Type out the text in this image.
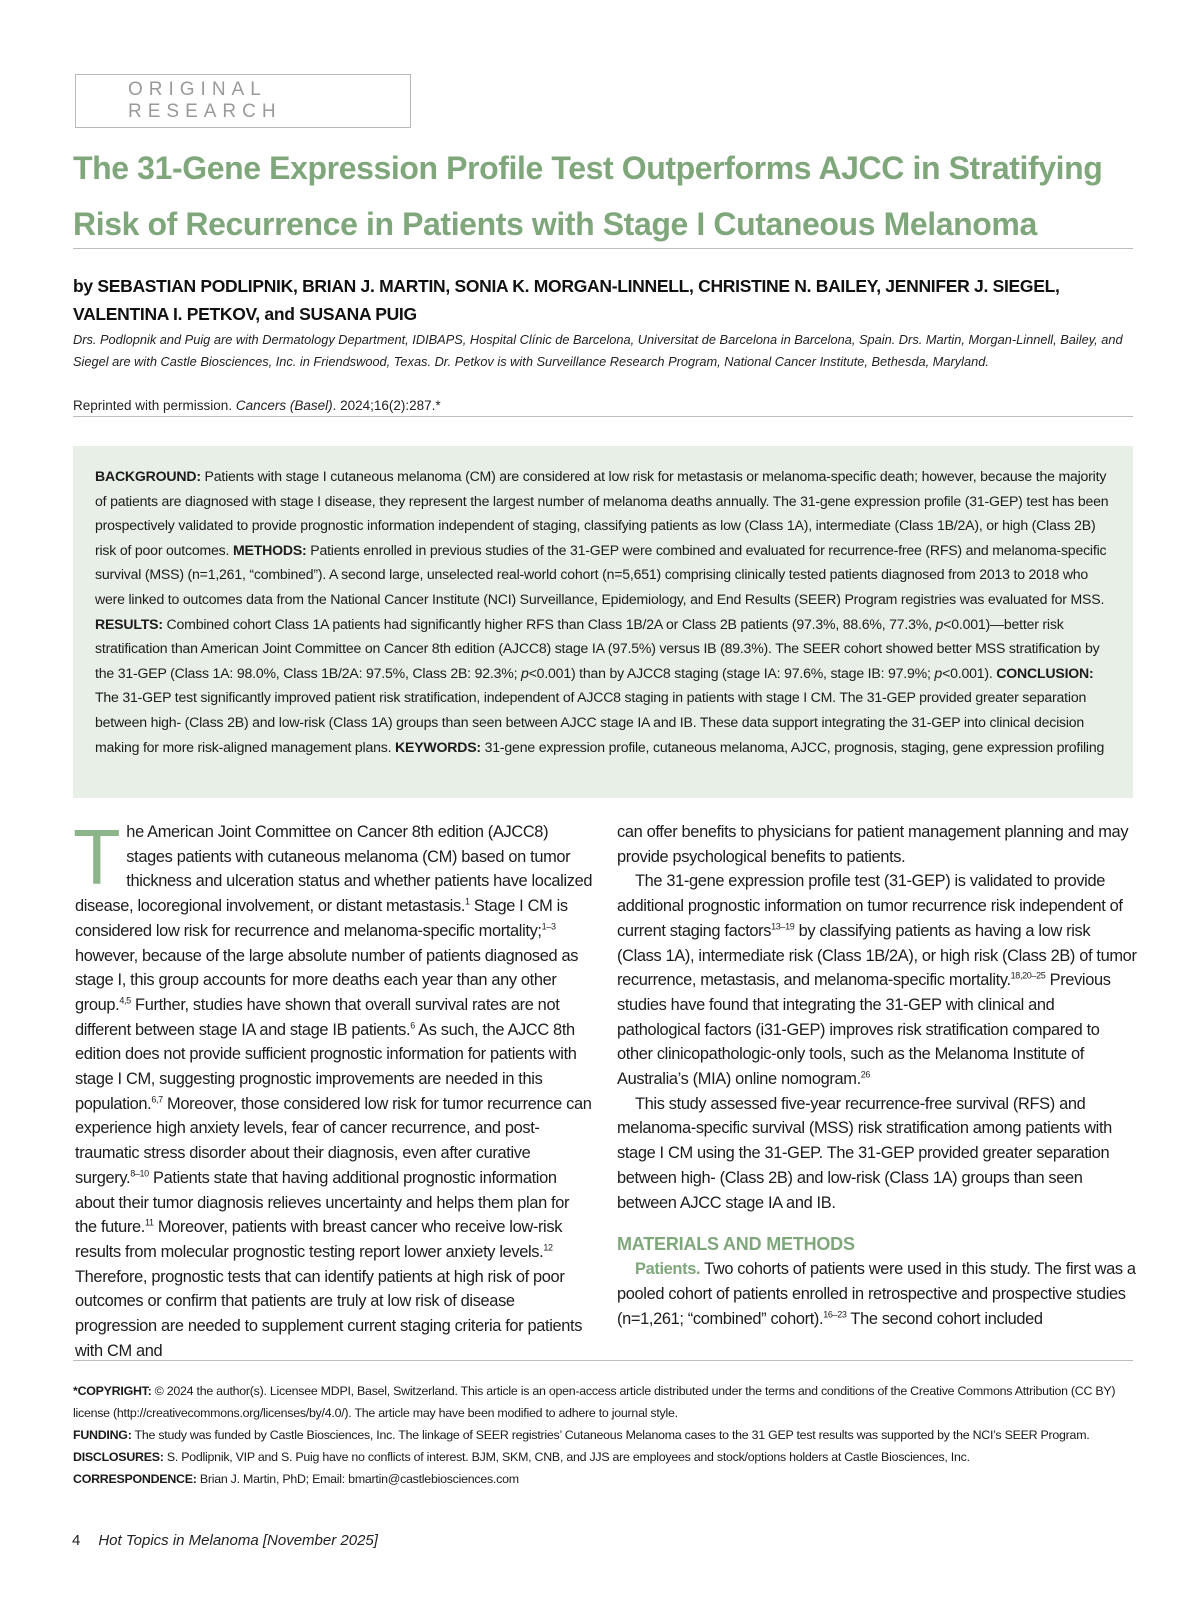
ORIGINAL RESEARCH
The 31-Gene Expression Profile Test Outperforms AJCC in Stratifying Risk of Recurrence in Patients with Stage I Cutaneous Melanoma
by SEBASTIAN PODLIPNIK, BRIAN J. MARTIN, SONIA K. MORGAN-LINNELL, CHRISTINE N. BAILEY, JENNIFER J. SIEGEL, VALENTINA I. PETKOV, and SUSANA PUIG
Drs. Podlopnik and Puig are with Dermatology Department, IDIBAPS, Hospital Clínic de Barcelona, Universitat de Barcelona in Barcelona, Spain. Drs. Martin, Morgan-Linnell, Bailey, and Siegel are with Castle Biosciences, Inc. in Friendswood, Texas. Dr. Petkov is with Surveillance Research Program, National Cancer Institute, Bethesda, Maryland.
Reprinted with permission. Cancers (Basel). 2024;16(2):287.*
BACKGROUND: Patients with stage I cutaneous melanoma (CM) are considered at low risk for metastasis or melanoma-specific death; however, because the majority of patients are diagnosed with stage I disease, they represent the largest number of melanoma deaths annually. The 31-gene expression profile (31-GEP) test has been prospectively validated to provide prognostic information independent of staging, classifying patients as low (Class 1A), intermediate (Class 1B/2A), or high (Class 2B) risk of poor outcomes. METHODS: Patients enrolled in previous studies of the 31-GEP were combined and evaluated for recurrence-free (RFS) and melanoma-specific survival (MSS) (n=1,261, “combined”). A second large, unselected real-world cohort (n=5,651) comprising clinically tested patients diagnosed from 2013 to 2018 who were linked to outcomes data from the National Cancer Institute (NCI) Surveillance, Epidemiology, and End Results (SEER) Program registries was evaluated for MSS. RESULTS: Combined cohort Class 1A patients had significantly higher RFS than Class 1B/2A or Class 2B patients (97.3%, 88.6%, 77.3%, p<0.001)—better risk stratification than American Joint Committee on Cancer 8th edition (AJCC8) stage IA (97.5%) versus IB (89.3%). The SEER cohort showed better MSS stratification by the 31-GEP (Class 1A: 98.0%, Class 1B/2A: 97.5%, Class 2B: 92.3%; p<0.001) than by AJCC8 staging (stage IA: 97.6%, stage IB: 97.9%; p<0.001). CONCLUSION: The 31-GEP test significantly improved patient risk stratification, independent of AJCC8 staging in patients with stage I CM. The 31-GEP provided greater separation between high- (Class 2B) and low-risk (Class 1A) groups than seen between AJCC stage IA and IB. These data support integrating the 31-GEP into clinical decision making for more risk-aligned management plans. KEYWORDS: 31-gene expression profile, cutaneous melanoma, AJCC, prognosis, staging, gene expression profiling

The American Joint Committee on Cancer 8th edition (AJCC8) stages patients with cutaneous melanoma (CM) based on tumor thickness and ulceration status and whether patients have localized disease, locoregional involvement, or distant metastasis.$^1$ Stage I CM is considered low risk for recurrence and melanoma-specific mortality;$^{1-3}$ however, because of the large absolute number of patients diagnosed as stage I, this group accounts for more deaths each year than any other group.$^{4,5}$ Further, studies have shown that overall survival rates are not different between stage IA and stage IB patients.$^6$ As such, the AJCC 8th edition does not provide sufficient prognostic information for patients with stage I CM, suggesting prognostic improvements are needed in this population.$^{6,7}$ Moreover, those considered low risk for tumor recurrence can experience high anxiety levels, fear of cancer recurrence, and post-traumatic stress disorder about their diagnosis, even after curative surgery.$^{8-10}$ Patients state that having additional prognostic information about their tumor diagnosis relieves uncertainty and helps them plan for the future.$^{11}$ Moreover, patients with breast cancer who receive low-risk results from molecular prognostic testing report lower anxiety levels.$^{12}$ Therefore, prognostic tests that can identify patients at high risk of poor outcomes or confirm that patients are truly at low risk of disease progression are needed to supplement current staging criteria for patients with CM and

can offer benefits to physicians for patient management planning and may provide psychological benefits to patients.

The 31-gene expression profile test (31-GEP) is validated to provide additional prognostic information on tumor recurrence risk independent of current staging factors$^{13-19}$ by classifying patients as having a low risk (Class 1A), intermediate risk (Class 1B/2A), or high risk (Class 2B) of tumor recurrence, metastasis, and melanoma-specific mortality.$^{18,20-25}$ Previous studies have found that integrating the 31-GEP with clinical and pathological factors (i31-GEP) improves risk stratification compared to other clinicopathologic-only tools, such as the Melanoma Institute of Australia’s (MIA) online nomogram.$^{26}$

This study assessed five-year recurrence-free survival (RFS) and melanoma-specific survival (MSS) risk stratification among patients with stage I CM using the 31-GEP. The 31-GEP provided greater separation between high- (Class 2B) and low-risk (Class 1A) groups than seen between AJCC stage IA and IB.

MATERIALS AND METHODS

Patients. Two cohorts of patients were used in this study. The first was a pooled cohort of patients enrolled in retrospective and prospective studies (n=1,261; “combined” cohort).$^{16-23}$ The second cohort included

*COPYRIGHT: © 2024 the author(s). Licensee MDPI, Basel, Switzerland. This article is an open-access article distributed under the terms and conditions of the Creative Commons Attribution (CC BY) license (http://creativecommons.org/licenses/by/4.0/). The article may have been modified to adhere to journal style.
FUNDING: The study was funded by Castle Biosciences, Inc. The linkage of SEER registries’ Cutaneous Melanoma cases to the 31 GEP test results was supported by the NCI’s SEER Program.
DISCLOSURES: S. Podlipnik, VIP and S. Puig have no conflicts of interest. BJM, SKM, CNB, and JJS are employees and stock/options holders at Castle Biosciences, Inc.
CORRESPONDENCE: Brian J. Martin, PhD; Email: bmartin@castlebiosciences.com
4 Hot Topics in Melanoma [November 2025]
